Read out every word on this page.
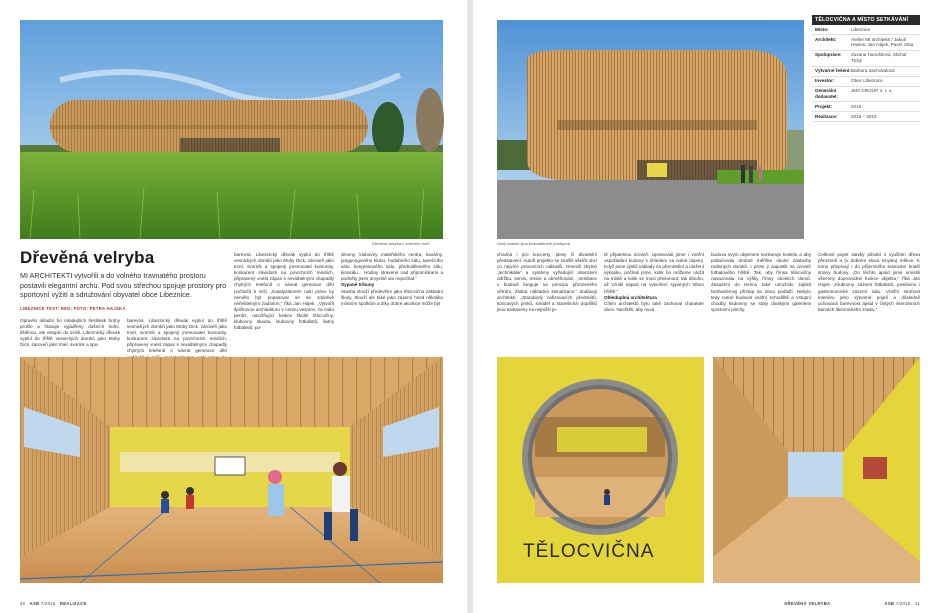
Dřevěná velryba v zeleném moři
Dřevěná velryba
MI ARCHITEKTI vytvořili a do volného travnatého prostoru postavili elegantní archu. Pod svou střechou spojuje prostory pro sportovní vyžití a sdružování obyvatel obce Libeznice.
LIBEZNICE TEXT: RED; FOTO: PETRA HAJSKÁ

Opravilo úkladní ho mladejších šestilesk brdny prošlo a hlasuje vyjádřeny dušních kolní, tištěnou, ale vstupní do svislí. Libeznický dřevák vyplul do tříště vesnických domků jako Moby Dick, zároveň jako tmel, svorník a spo-

barevná. Libeznický dřevák vyplul do tříště vesnických domků jako Moby Dick, zároveň jako tmel, svorník a spojený jmenovatel komunity, konkurent závislosti na povrchních médiích, připravený vnést zápas s neviditelnými chapadly chytrých telefonů o návrat generace dětí

barevná. Libeznický dřevák vyplul do tříště vesnických domků jako Moby Dick, zároveň jako tmel, svorník a spojený jmenovatel komunity, konkurent závislosti na povrchních médiích, připravený vnést zápas s neviditelnými chapadly chytrých telefonů o návrat generace dětí počítačů k míči. „Katalyzátorem naší práce by nemělo být popasovat se se zdánlivě neřešitelným zadáním,“ říká Jan Hájek. „Vytvořit špičkovou architekturu v centru vesnice, za málo peněz, umožňující funkce školní tělocvičny, klubovny skauta, klubovny fotbalistů, šatny fotbalistů, po-

silovny, klubovny mateřského centra, kavárny, pingpongového klubu, hudebního sálu, tanečního sálu, kongresového sálu, přednáškového sálu, kinosálu... Hodiny strávené nad připomínkami a podněty jsem úmyslně ani nepočítal.“

Sypané tribuny

Stavba slouží především jako tělocvična základní školy. Slouží ale také jako zázemí hned několika místním spolkům a díky dobré akustice může být

40 ASB 7/2016 REALIZACE
Obal podlaží jsou bezbariérově přístupná.
TĚLOCVIČNA A MÍSTO SETKÁVÁNÍ
Místo:	Libeznice
Architekt:	Atelier MI architekti / Jakub Havlas, Jan Hájek, Pavel Joba
Spolupráce:	Zuzana Hanušková, Michal Tichý
Výtvarné řešení: Barbora Zachovalová
Investor:	Obec Libeznice
Generální dodavatel:
JMA GROUP, s. r. o.
Projekt:	2015
Realizace:	2015 – 2016

vhodná i pro koncerty, plesy či divadelní představení. Autoři projektu se snažili ušetřit obci co nejvíce provozních nákladů. Omezili zbytné „technikálie“ a systémy vyžadující intenzivní údržbu, servis, revize a obměňování. „Ventilace v budově funguje na principu přirozeného větrání, žádná nákladná klimatizace,“ dodávají architekti. „Standardy zařizovacích předmětů, koncových prvků, svítidel a stavebních doplňků jsou nastaveny na nejnižší je-

tě přijatelnou úroveň. Upravovali jsme i vnitřní uspořádání budovy s ohledem na nutné úspory. Když jsme zjistili náklady na přemístění a uložení výkopku, počítali jsme, kolik ho můžeme uložit na místě a kolik se musí přesunout, tak dlouho, až vznikl nápad na vytvoření sypaných tribun hřiště.“

Ohleduplná architektura

Cílem architektů bylo také zachovat charakter obce. Nechtěli, aby nová

budova svým objemem konkuruje kostelu a aby potlačovala drobné měřítko okolní zástavby rodinných domků. I proto ji zapustili na úroveň fotbalového hřiště. Tak, aby římsa tělocvičny navazovala na výšky římsy okolních domů. Zasazení do terénu také umožnilo zajistit bezbariérový přístup do obou podlaží. Nebylo tedy nutné budovat vnitřní schodiště a vstupní chodby klubovny se staly divákými galeriemi sportovní plochy.

Celkové pojetí stavby působí s využitím dřeva přirozeně a (v dobrém slova smyslu) měkce. K tomu přispívají i do příjemného tvarování kratší strany budovy. „Do těchto apsid jsme umístili všechny doprovodné funkce objektu,“ říká Jan Hájek. „Klubovny, zázemí fotbalistů, posilovnu i gastronomické zázemí sálu. Vnitřní strohost interiéru jeho výtvarné pojetí a důsledně uchovaná barevnost apsid v čistých intenzivních barvách libeznického znaku.“

TĚLOCVIČNA
DŘEVĚNÁ VELRYBA	ASB 7/2016 41
